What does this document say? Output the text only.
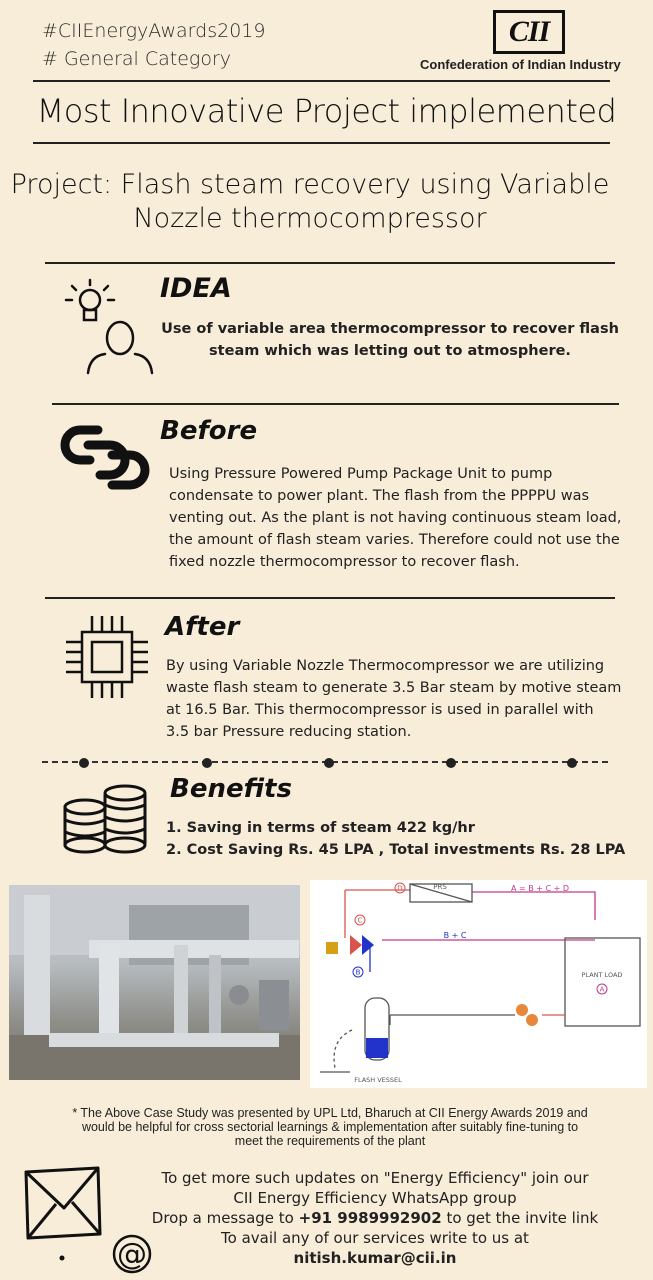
#CIIEnergyAwards2019
# General Category
CII
Confederation of Indian Industry
Most Innovative Project implemented
Project: Flash steam recovery using Variable
Nozzle thermocompressor
IDEA
Use of variable area thermocompressor to recover flash
steam which was letting out to atmosphere.
Before
Using Pressure Powered Pump Package Unit to pump
condensate to power plant. The flash from the PPPPU was
venting out. As the plant is not having continuous steam load,
the amount of flash steam varies. Therefore could not use the
fixed nozzle thermocompressor to recover flash.
After
By using Variable Nozzle Thermocompressor we are utilizing
waste flash steam to generate 3.5 Bar steam by motive steam
at 16.5 Bar. This thermocompressor is used in parallel with
3.5 bar Pressure reducing station.
Benefits
1. Saving in terms of steam 422 kg/hr
2. Cost Saving Rs. 45 LPA , Total investments Rs. 28 LPA
D	PRS	A = B + C + D
C
B + C
B	PLANT LOAD
A
FLASH VESSEL
* The Above Case Study was presented by UPL Ltd, Bharuch at CII Energy Awards 2019 and
would be helpful for cross sectorial learnings & implementation after suitably fine-tuning to
meet the requirements of the plant
@
To get more such updates on "Energy Efficiency" join our
CII Energy Efficiency WhatsApp group
Drop a message to +91 9989992902 to get the invite link
To avail any of our services write to us at
nitish.kumar@cii.in
